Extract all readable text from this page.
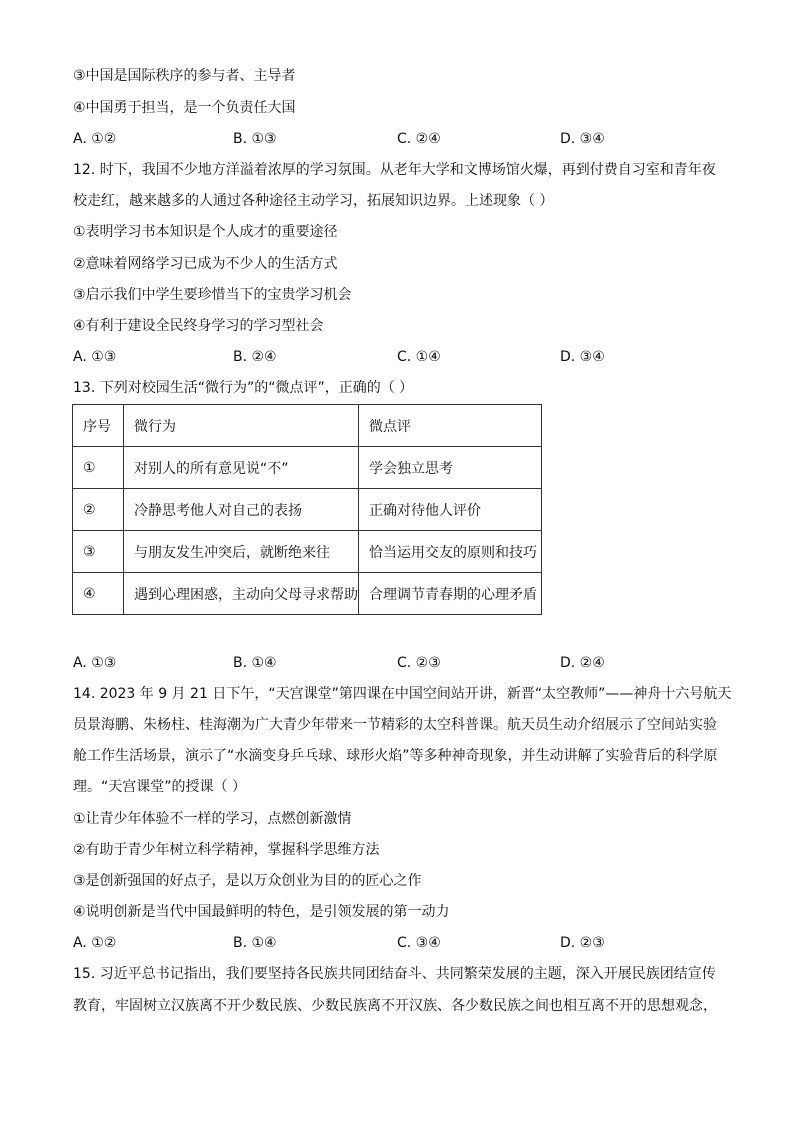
③中国是国际秩序的参与者、主导者
④中国勇于担当，是一个负责任大国
A. ①②	B. ①③	C. ②④	D. ③④
12. 时下，我国不少地方洋溢着浓厚的学习氛围。从老年大学和文博场馆火爆，再到付费自习室和青年夜
校走红，越来越多的人通过各种途径主动学习，拓展知识边界。上述现象（ ）
①表明学习书本知识是个人成才的重要途径
②意味着网络学习已成为不少人的生活方式
③启示我们中学生要珍惜当下的宝贵学习机会
④有利于建设全民终身学习的学习型社会
A. ①③	B. ②④	C. ①④	D. ③④
13. 下列对校园生活“微行为”的“微点评”，正确的（ ）
序号	微行为	微点评
①	对别人的所有意见说“不”	学会独立思考
②	冷静思考他人对自己的表扬	正确对待他人评价
③	与朋友发生冲突后，就断绝来往	恰当运用交友的原则和技巧
④	遇到心理困惑，主动向父母寻求帮助	合理调节青春期的心理矛盾
A. ①③	B. ①④	C. ②③	D. ②④
14. 2023 年 9 月 21 日下午，“天宫课堂”第四课在中国空间站开讲，新晋“太空教师”——神舟十六号航天
员景海鹏、朱杨柱、桂海潮为广大青少年带来一节精彩的太空科普课。航天员生动介绍展示了空间站实验
舱工作生活场景，演示了“水滴变身乒乓球、球形火焰”等多种神奇现象，并生动讲解了实验背后的科学原
理。“天宫课堂”的授课（ ）
①让青少年体验不一样的学习，点燃创新激情
②有助于青少年树立科学精神，掌握科学思维方法
③是创新强国的好点子，是以万众创业为目的的匠心之作
④说明创新是当代中国最鲜明的特色，是引领发展的第一动力
A. ①②	B. ①④	C. ③④	D. ②③
15. 习近平总书记指出，我们要坚持各民族共同团结奋斗、共同繁荣发展的主题，深入开展民族团结宣传
教育，牢固树立汉族离不开少数民族、少数民族离不开汉族、各少数民族之间也相互离不开的思想观念，
